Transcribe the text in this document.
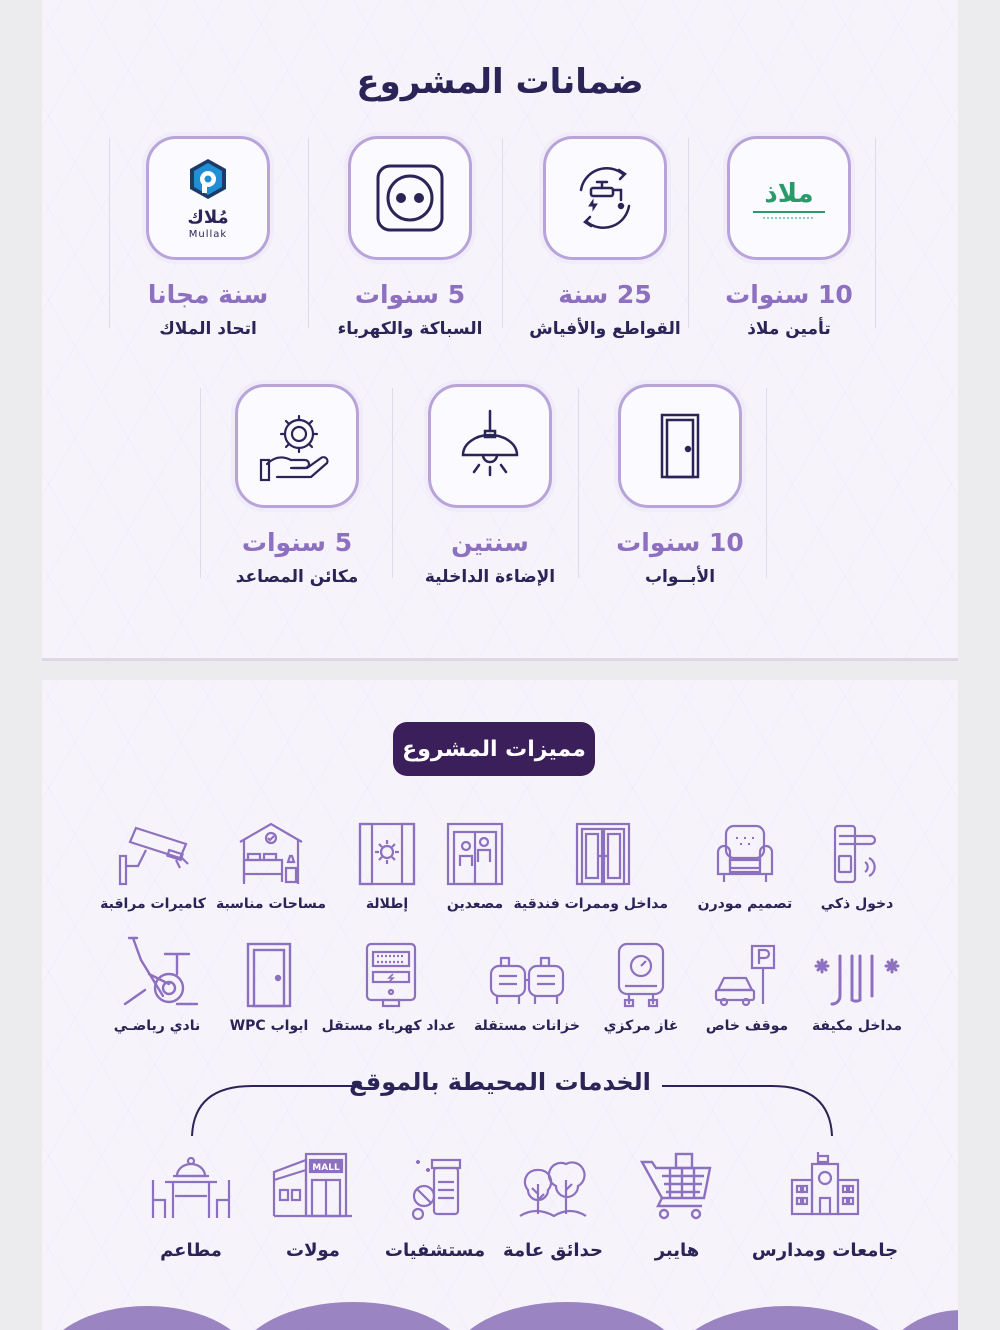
ضمانات المشروع
ملاذ
10 سنوات
تأمين ملاذ
25 سنة
القواطع والأفياش
5 سنوات
السباكة والكهرباء
مُلاك
Mullak
سنة مجانا
اتحاد الملاك
10 سنوات
الأبــواب
سنتين
الإضاءة الداخلية
5 سنوات
مكائن المصاعد
مميزات المشروع
دخول ذكي
تصميم مودرن
مداخل وممرات فندقية
مصعدين
إطلالة
مساحات مناسبة
كاميرات مراقبة
مداخل مكيفة
موقف خاص
غاز مركزي
خزانات مستقلة
عداد كهرباء مستقل
ابواب WPC
نادي رياضـي
الخدمات المحيطة بالموقع
جامعات ومدارس
هايبر
حدائق عامة
مستشفيات
MALL
مولات
مطاعم
